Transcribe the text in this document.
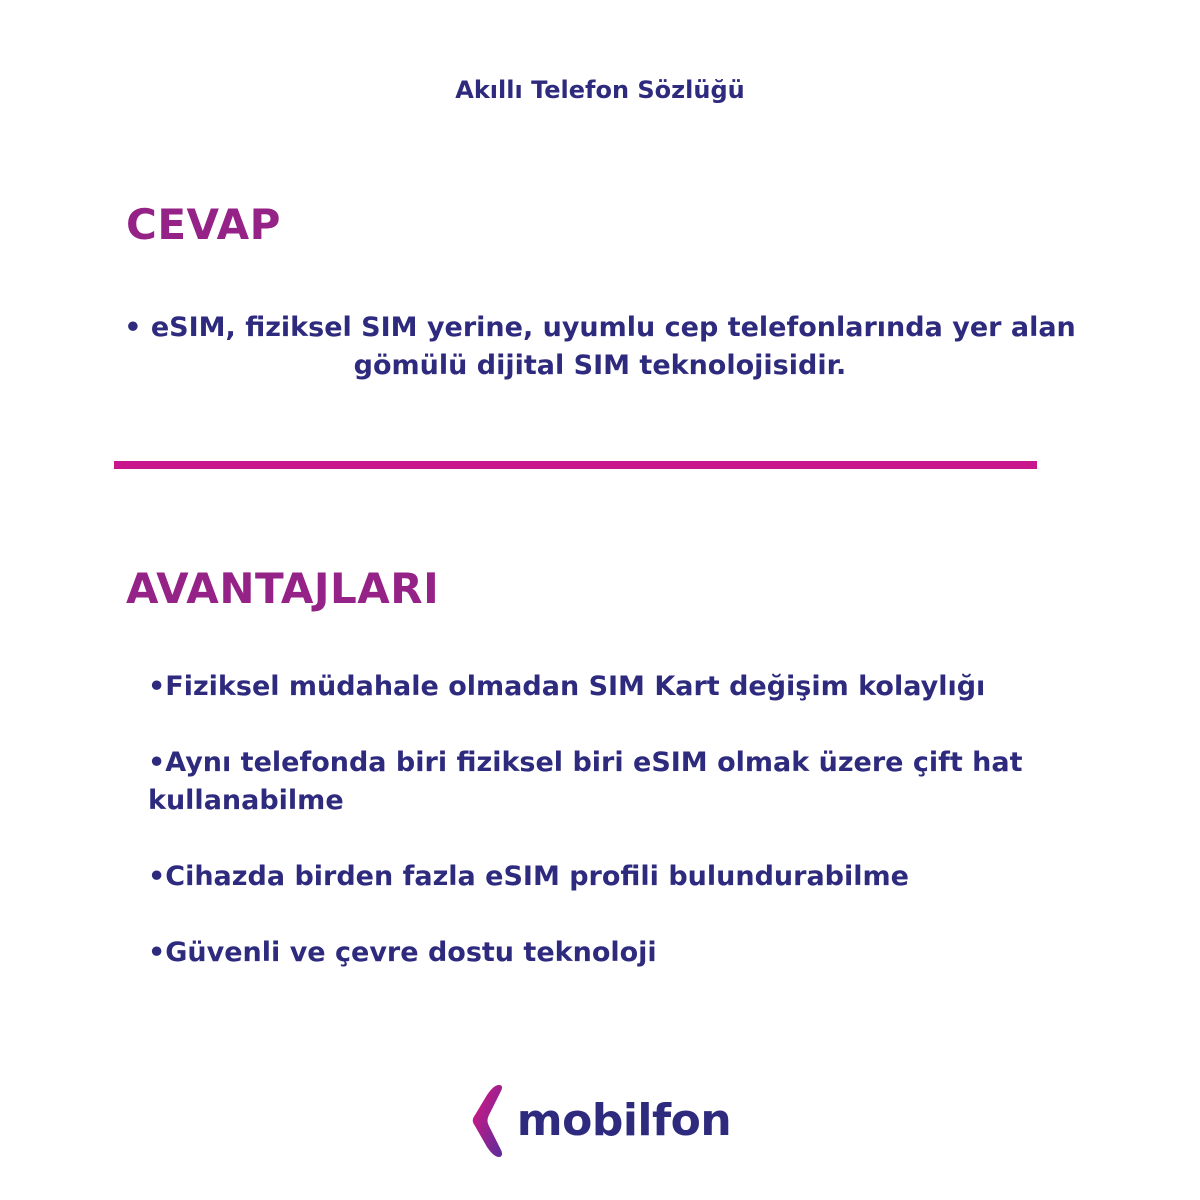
Akıllı Telefon Sözlüğü
CEVAP
• eSIM, fiziksel SIM yerine, uyumlu cep telefonlarında yer alan gömülü dijital SIM teknolojisidir.
AVANTAJLARI
•Fiziksel müdahale olmadan SIM Kart değişim kolaylığı
•Aynı telefonda biri fiziksel biri eSIM olmak üzere çift hat kullanabilme
•Cihazda birden fazla eSIM profili bulundurabilme
•Güvenli ve çevre dostu teknoloji
mobilfon
